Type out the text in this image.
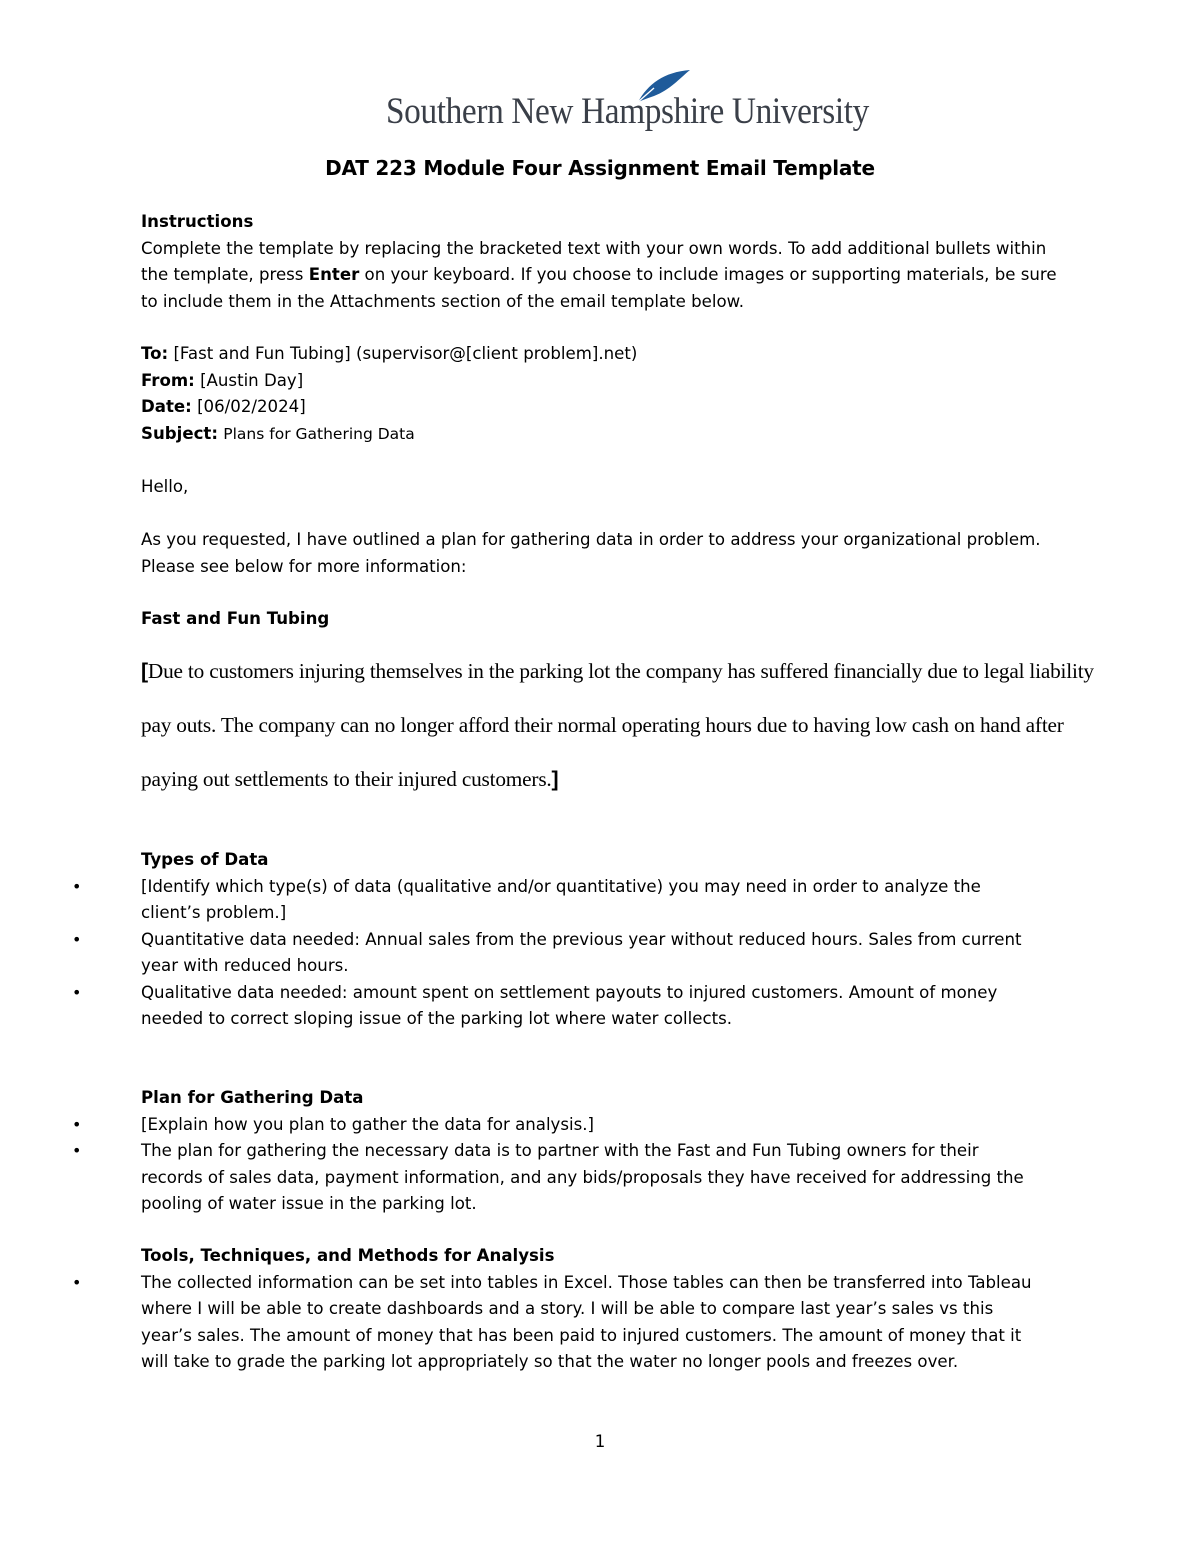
Southern New Hampshire University
DAT 223 Module Four Assignment Email Template
Instructions
Complete the template by replacing the bracketed text with your own words. To add additional bullets within the template, press Enter on your keyboard. If you choose to include images or supporting materials, be sure to include them in the Attachments section of the email template below.
To: [Fast and Fun Tubing] (supervisor@[client problem].net)
From: [Austin Day]
Date: [06/02/2024]
Subject: Plans for Gathering Data
Hello,
As you requested, I have outlined a plan for gathering data in order to address your organizational problem. Please see below for more information:
Fast and Fun Tubing
[Due to customers injuring themselves in the parking lot the company has suffered financially due to legal liability pay outs. The company can no longer afford their normal operating hours due to having low cash on hand after paying out settlements to their injured customers.]
Types of Data
•	[Identify which type(s) of data (qualitative and/or quantitative) you may need in order to analyze the client’s problem.]
•	Quantitative data needed: Annual sales from the previous year without reduced hours. Sales from current year with reduced hours.
•	Qualitative data needed: amount spent on settlement payouts to injured customers. Amount of money needed to correct sloping issue of the parking lot where water collects.
Plan for Gathering Data
•	[Explain how you plan to gather the data for analysis.]
•	The plan for gathering the necessary data is to partner with the Fast and Fun Tubing owners for their records of sales data, payment information, and any bids/proposals they have received for addressing the pooling of water issue in the parking lot.
Tools, Techniques, and Methods for Analysis
•	The collected information can be set into tables in Excel. Those tables can then be transferred into Tableau where I will be able to create dashboards and a story. I will be able to compare last year’s sales vs this year’s sales. The amount of money that has been paid to injured customers. The amount of money that it will take to grade the parking lot appropriately so that the water no longer pools and freezes over.
1
